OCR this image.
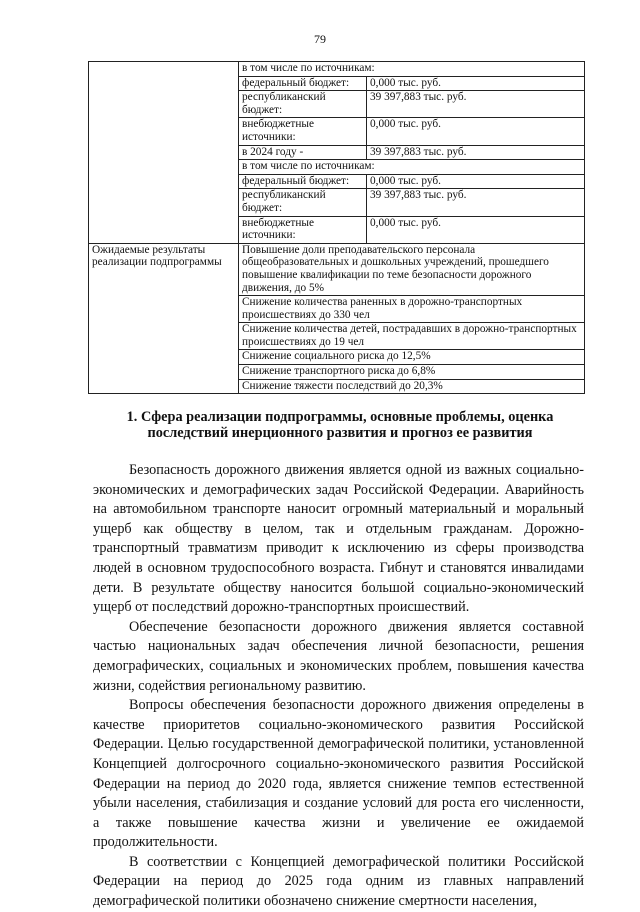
79
	в том числе по источникам:	
	федеральный бюджет:	0,000 тыс. руб.
	республиканский бюджет:	39 397,883 тыс. руб.
	внебюджетные источники:	0,000 тыс. руб.
	в 2024 году -	39 397,883 тыс. руб.
	в том числе по источникам:	
	федеральный бюджет:	0,000 тыс. руб.
	республиканский бюджет:	39 397,883 тыс. руб.
	внебюджетные источники:	0,000 тыс. руб.
Ожидаемые результаты реализации подпрограммы	Повышение доли преподавательского персонала общеобразовательных и дошкольных учреждений, прошедшего повышение квалификации по теме безопасности дорожного движения, до 5%	
	Снижение количества раненных в дорожно-транспортных происшествиях до 330 чел	
	Снижение количества детей, пострадавших в дорожно-транспортных происшествиях до 19 чел	
	Снижение социального риска до 12,5%	
	Снижение транспортного риска до 6,8%	
	Снижение тяжести последствий до 20,3%	
1. Сфера реализации подпрограммы, основные проблемы, оценка последствий инерционного развития и прогноз ее развития

Безопасность дорожного движения является одной из важных социально-экономических и демографических задач Российской Федерации. Аварийность на автомобильном транспорте наносит огромный материальный и моральный ущерб как обществу в целом, так и отдельным гражданам. Дорожно-транспортный травматизм приводит к исключению из сферы производства людей в основном трудоспособного возраста. Гибнут и становятся инвалидами дети. В результате обществу наносится большой социально-экономический ущерб от последствий дорожно-транспортных происшествий.

Обеспечение безопасности дорожного движения является составной частью национальных задач обеспечения личной безопасности, решения демографических, социальных и экономических проблем, повышения качества жизни, содействия региональному развитию.

Вопросы обеспечения безопасности дорожного движения определены в качестве приоритетов социально-экономического развития Российской Федерации. Целью государственной демографической политики, установленной Концепцией долгосрочного социально-экономического развития Российской Федерации на период до 2020 года, является снижение темпов естественной убыли населения, стабилизация и создание условий для роста его численности, а также повышение качества жизни и увеличение ее ожидаемой продолжительности.

В соответствии с Концепцией демографической политики Российской Федерации на период до 2025 года одним из главных направлений демографической политики обозначено снижение смертности населения,
